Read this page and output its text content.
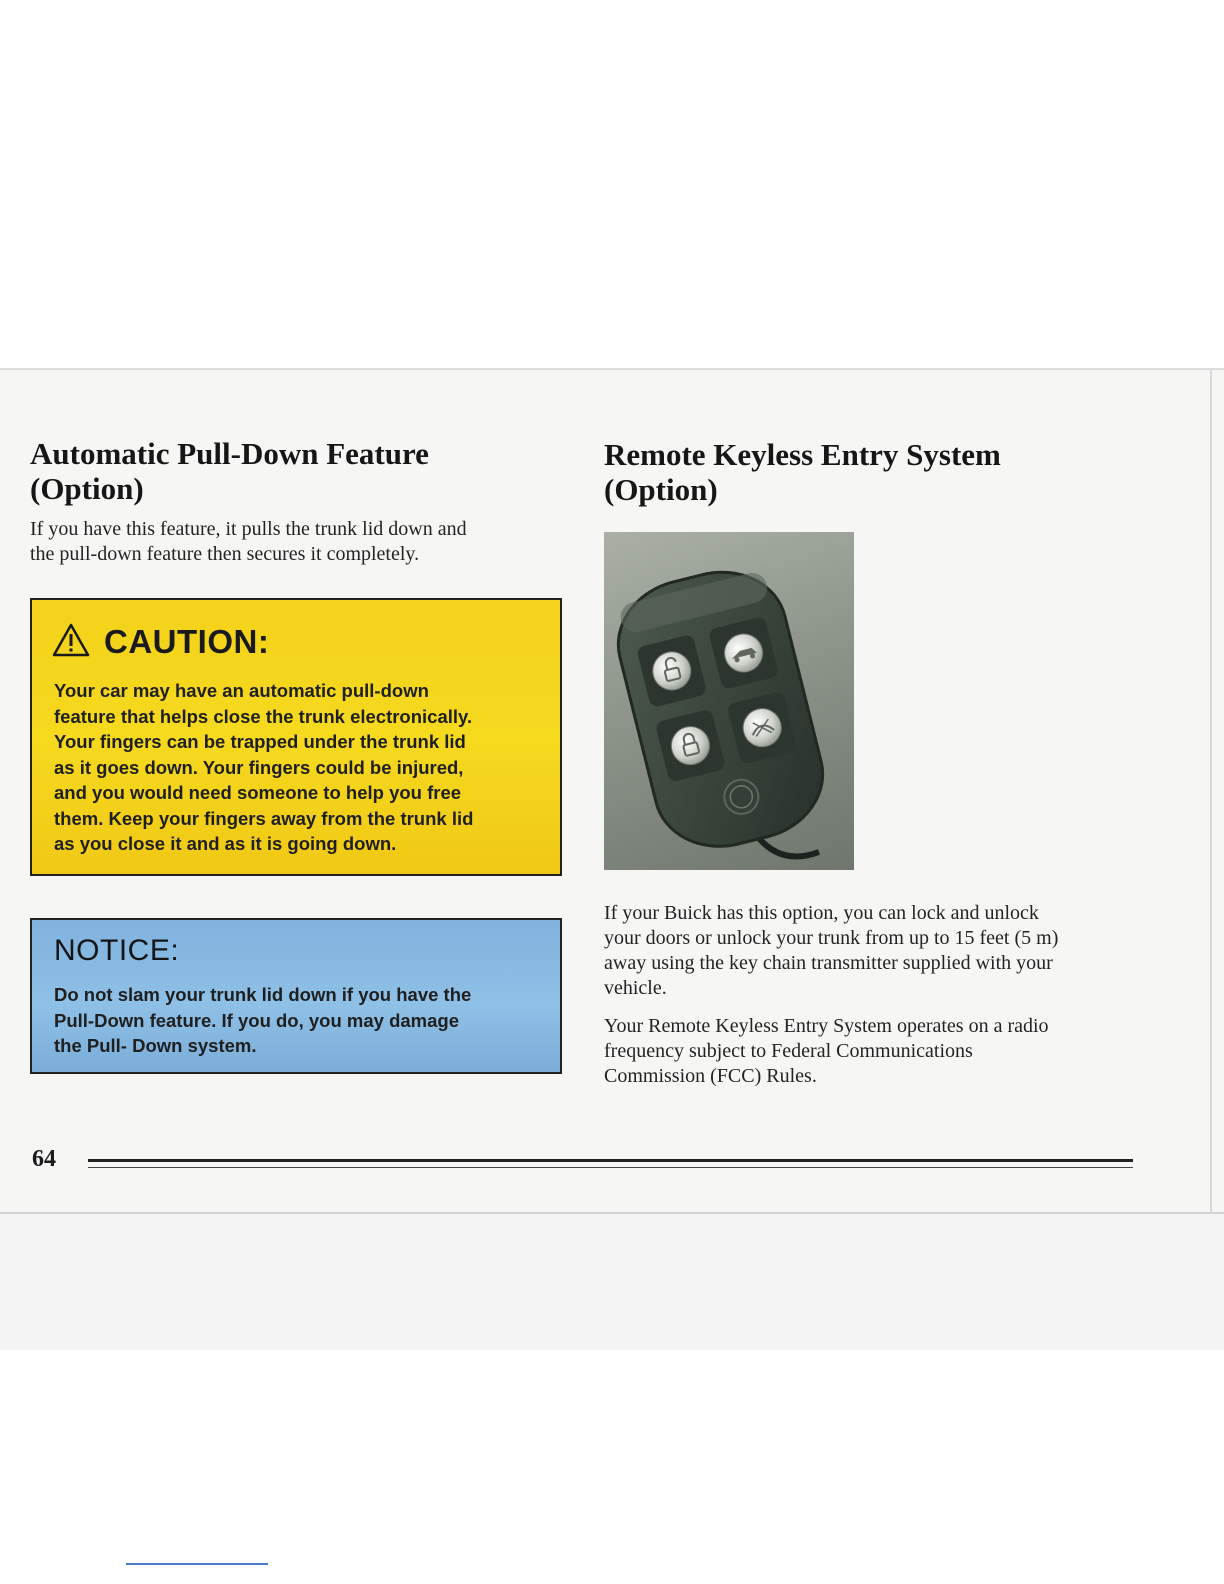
Automatic Pull-Down Feature
(Option)

If you have this feature, it pulls the trunk lid down and
the pull-down feature then secures it completely.

CAUTION:
Your car may have an automatic pull-down
feature that helps close the trunk electronically.
Your fingers can be trapped under the trunk lid
as it goes down. Your fingers could be injured,
and you would need someone to help you free
them. Keep your fingers away from the trunk lid
as you close it and as it is going down.
NOTICE:
Do not slam your trunk lid down if you have the
Pull-Down feature. If you do, you may damage
the Pull- Down system.
Remote Keyless Entry System
(Option)

If your Buick has this option, you can lock and unlock
your doors or unlock your trunk from up to 15 feet (5 m)
away using the key chain transmitter supplied with your
vehicle.

Your Remote Keyless Entry System operates on a radio
frequency subject to Federal Communications
Commission (FCC) Rules.

64
